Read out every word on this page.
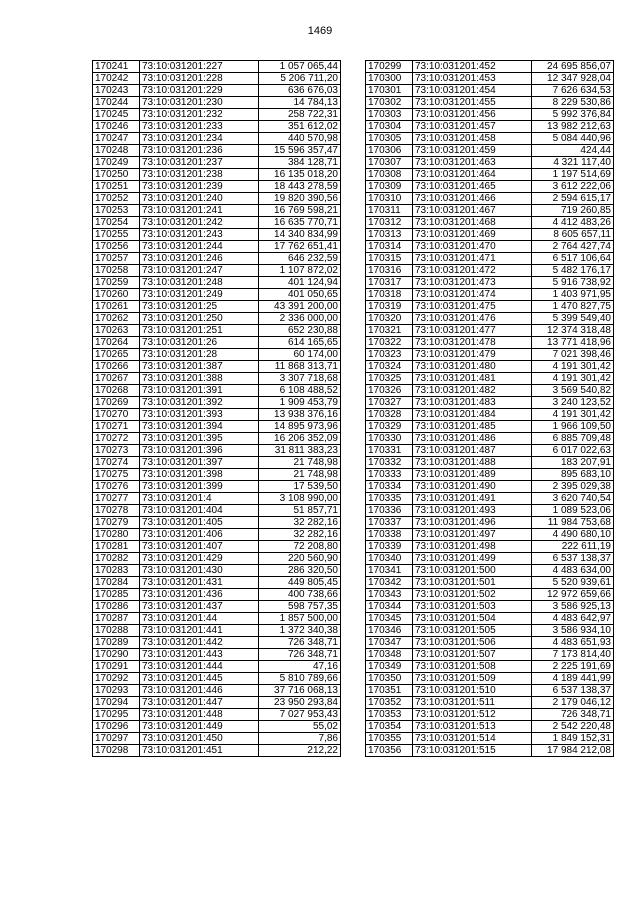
1469
170241	73:10:031201:227	1 057 065,44
170242	73:10:031201:228	5 206 711,20
170243	73:10:031201:229	636 676,03
170244	73:10:031201:230	14 784,13
170245	73:10:031201:232	258 722,31
170246	73:10:031201:233	351 612,02
170247	73:10:031201:234	440 570,98
170248	73:10:031201:236	15 596 357,47
170249	73:10:031201:237	384 128,71
170250	73:10:031201:238	16 135 018,20
170251	73:10:031201:239	18 443 278,59
170252	73:10:031201:240	19 820 390,56
170253	73:10:031201:241	16 769 598,21
170254	73:10:031201:242	16 635 770,71
170255	73:10:031201:243	14 340 834,99
170256	73:10:031201:244	17 762 651,41
170257	73:10:031201:246	646 232,59
170258	73:10:031201:247	1 107 872,02
170259	73:10:031201:248	401 124,94
170260	73:10:031201:249	401 050,65
170261	73:10:031201:25	43 391 200,00
170262	73:10:031201:250	2 336 000,00
170263	73:10:031201:251	652 230,88
170264	73:10:031201:26	614 165,65
170265	73:10:031201:28	60 174,00
170266	73:10:031201:387	11 868 313,71
170267	73:10:031201:388	3 307 718,68
170268	73:10:031201:391	6 108 488,52
170269	73:10:031201:392	1 909 453,79
170270	73:10:031201:393	13 938 376,16
170271	73:10:031201:394	14 895 973,96
170272	73:10:031201:395	16 206 352,09
170273	73:10:031201:396	31 811 383,23
170274	73:10:031201:397	21 748,98
170275	73:10:031201:398	21 748,98
170276	73:10:031201:399	17 539,50
170277	73:10:031201:4	3 108 990,00
170278	73:10:031201:404	51 857,71
170279	73:10:031201:405	32 282,16
170280	73:10:031201:406	32 282,16
170281	73:10:031201:407	72 208,80
170282	73:10:031201:429	220 560,90
170283	73:10:031201:430	286 320,50
170284	73:10:031201:431	449 805,45
170285	73:10:031201:436	400 738,66
170286	73:10:031201:437	598 757,35
170287	73:10:031201:44	1 857 500,00
170288	73:10:031201:441	1 372 340,38
170289	73:10:031201:442	726 348,71
170290	73:10:031201:443	726 348,71
170291	73:10:031201:444	47,16
170292	73:10:031201:445	5 810 789,66
170293	73:10:031201:446	37 716 068,13
170294	73:10:031201:447	23 950 293,84
170295	73:10:031201:448	7 027 953,43
170296	73:10:031201:449	55,02
170297	73:10:031201:450	7,86
170298	73:10:031201:451	212,22
170299	73:10:031201:452	24 695 856,07
170300	73:10:031201:453	12 347 928,04
170301	73:10:031201:454	7 626 634,53
170302	73:10:031201:455	8 229 530,86
170303	73:10:031201:456	5 992 376,84
170304	73:10:031201:457	13 982 212,63
170305	73:10:031201:458	5 084 440,96
170306	73:10:031201:459	424,44
170307	73:10:031201:463	4 321 117,40
170308	73:10:031201:464	1 197 514,69
170309	73:10:031201:465	3 612 222,06
170310	73:10:031201:466	2 594 615,17
170311	73:10:031201:467	719 260,85
170312	73:10:031201:468	4 412 483,26
170313	73:10:031201:469	8 605 657,11
170314	73:10:031201:470	2 764 427,74
170315	73:10:031201:471	6 517 106,64
170316	73:10:031201:472	5 482 176,17
170317	73:10:031201:473	5 916 738,92
170318	73:10:031201:474	1 403 971,95
170319	73:10:031201:475	1 470 827,75
170320	73:10:031201:476	5 399 549,40
170321	73:10:031201:477	12 374 318,48
170322	73:10:031201:478	13 771 418,96
170323	73:10:031201:479	7 021 398,46
170324	73:10:031201:480	4 191 301,42
170325	73:10:031201:481	4 191 301,42
170326	73:10:031201:482	3 569 540,82
170327	73:10:031201:483	3 240 123,52
170328	73:10:031201:484	4 191 301,42
170329	73:10:031201:485	1 966 109,50
170330	73:10:031201:486	6 885 709,48
170331	73:10:031201:487	6 017 022,63
170332	73:10:031201:488	183 207,91
170333	73:10:031201:489	895 683,10
170334	73:10:031201:490	2 395 029,38
170335	73:10:031201:491	3 620 740,54
170336	73:10:031201:493	1 089 523,06
170337	73:10:031201:496	11 984 753,68
170338	73:10:031201:497	4 490 680,10
170339	73:10:031201:498	222 611,19
170340	73:10:031201:499	6 537 138,37
170341	73:10:031201:500	4 483 634,00
170342	73:10:031201:501	5 520 939,61
170343	73:10:031201:502	12 972 659,66
170344	73:10:031201:503	3 586 925,13
170345	73:10:031201:504	4 483 642,97
170346	73:10:031201:505	3 586 934,10
170347	73:10:031201:506	4 483 651,93
170348	73:10:031201:507	7 173 814,40
170349	73:10:031201:508	2 225 191,69
170350	73:10:031201:509	4 189 441,99
170351	73:10:031201:510	6 537 138,37
170352	73:10:031201:511	2 179 046,12
170353	73:10:031201:512	726 348,71
170354	73:10:031201:513	2 542 220,48
170355	73:10:031201:514	1 849 152,31
170356	73:10:031201:515	17 984 212,08
